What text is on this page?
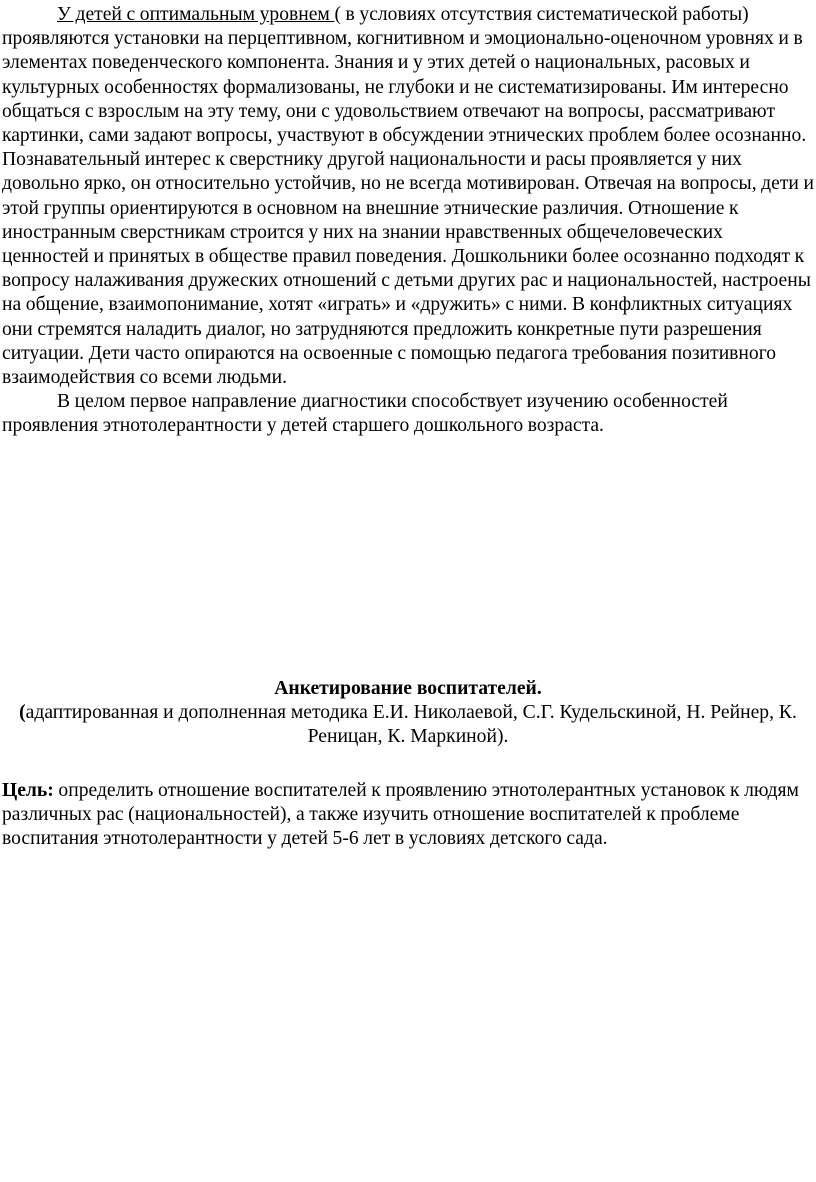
У детей с оптимальным уровнем ( в условиях отсутствия систематической работы) проявляются установки на перцептивном, когнитивном и эмоционально-оценочном уровнях и в элементах поведенческого компонента. Знания и у этих детей о национальных, расовых и культурных особенностях формализованы, не глубоки и не систематизированы. Им интересно общаться с взрослым на эту тему, они с удовольствием отвечают на вопросы, рассматривают картинки, сами задают вопросы, участвуют в обсуждении этнических проблем более осознанно. Познавательный интерес к сверстнику другой национальности и расы проявляется у них довольно ярко, он относительно устойчив, но не всегда мотивирован. Отвечая на вопросы, дети и этой группы ориентируются в основном на внешние этнические различия. Отношение к иностранным сверстникам строится у них на знании нравственных общечеловеческих ценностей и принятых в обществе правил поведения. Дошкольники более осознанно подходят к вопросу налаживания дружеских отношений с детьми других рас и национальностей, настроены на общение, взаимопонимание, хотят «играть» и «дружить» с ними. В конфликтных ситуациях они стремятся наладить диалог, но затрудняются предложить конкретные пути разрешения ситуации. Дети часто опираются на освоенные с помощью педагога требования позитивного взаимодействия со всеми людьми.

В целом первое направление диагностики способствует изучению особенностей проявления этнотолерантности у детей старшего дошкольного возраста.

Анкетирование воспитателей.

(адаптированная и дополненная методика Е.И. Николаевой, С.Г. Кудельскиной, Н. Рейнер, К. Реницан, К. Маркиной).

Цель: определить отношение воспитателей к проявлению этнотолерантных установок к людям различных рас (национальностей), а также изучить отношение воспитателей к проблеме воспитания этнотолерантности у детей 5-6 лет в условиях детского сада.
